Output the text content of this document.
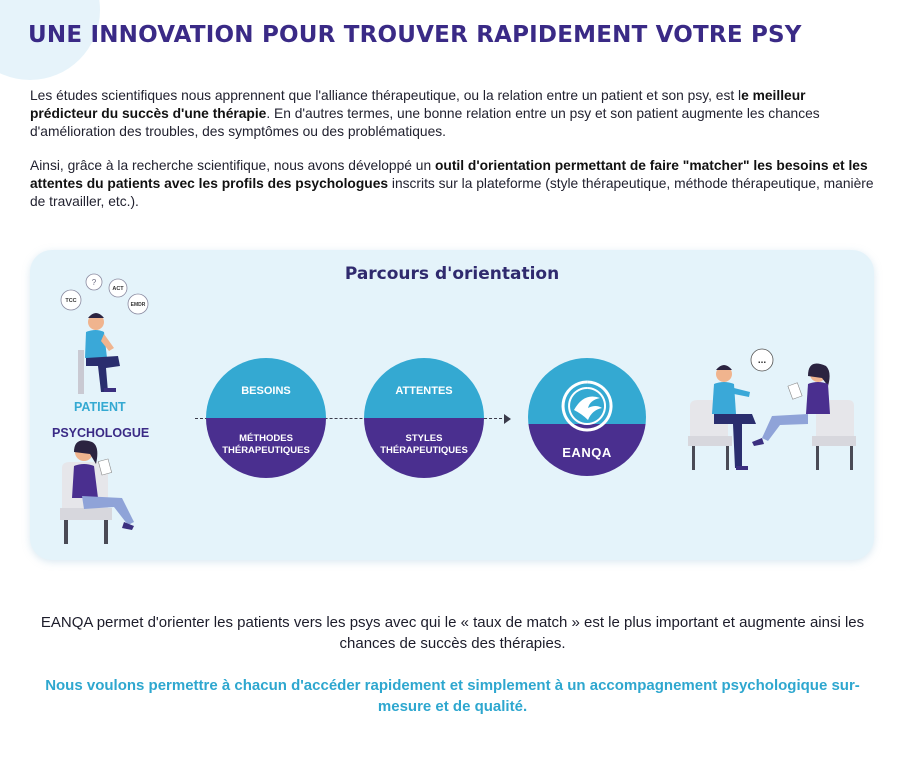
UNE INNOVATION POUR TROUVER RAPIDEMENT VOTRE PSY

Les études scientifiques nous apprennent que l'alliance thérapeutique, ou la relation entre un patient et son psy, est le meilleur prédicteur du succès d'une thérapie. En d'autres termes, une bonne relation entre un psy et son patient augmente les chances d'amélioration des troubles, des symptômes ou des problématiques.

Ainsi, grâce à la recherche scientifique, nous avons développé un outil d'orientation permettant de faire "matcher" les besoins et les attentes du patients avec les profils des psychologues inscrits sur la plateforme (style thérapeutique, méthode thérapeutique, manière de travailler, etc.).

Parcours d'orientation
?
TCC
ACT
EMDR
PATIENT
PSYCHOLOGUE
BESOINS
MÉTHODES
THÉRAPEUTIQUES
ATTENTES
STYLES
THÉRAPEUTIQUES	EANQA
...

EANQA permet d'orienter les patients vers les psys avec qui le « taux de match » est le plus important et augmente ainsi les chances de succès des thérapies.

Nous voulons permettre à chacun d'accéder rapidement et simplement à un accompagnement psychologique sur-mesure et de qualité.
